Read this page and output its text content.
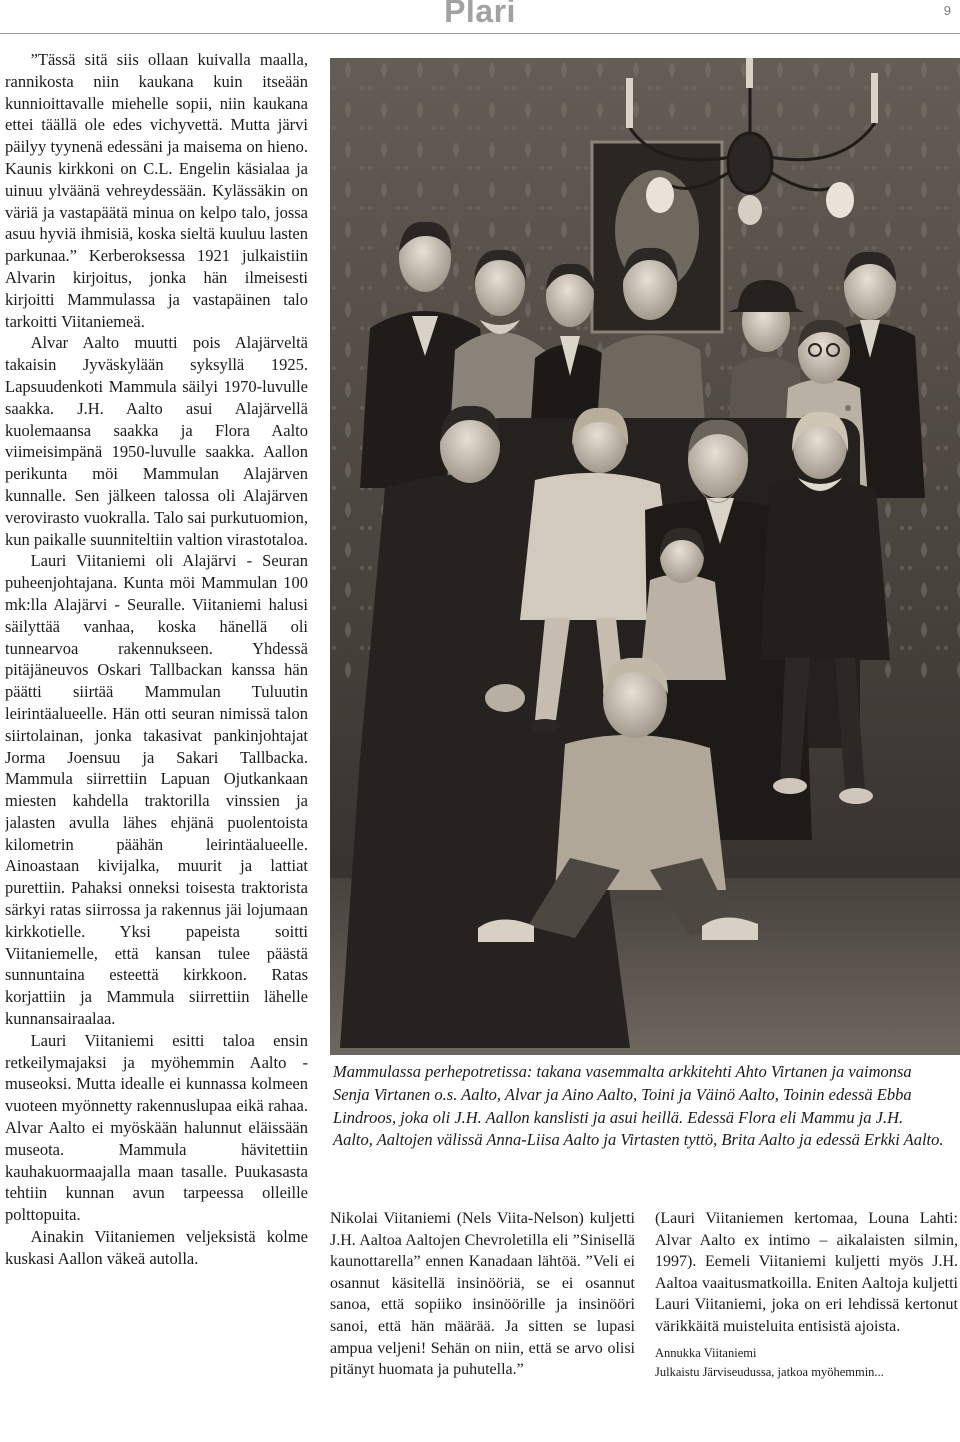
Plari	9

”Tässä sitä siis ollaan kuivalla maalla, rannikosta niin kaukana kuin itseään kunnioittavalle miehelle sopii, niin kaukana ettei täällä ole edes vichyvettä. Mutta järvi päilyy tyynenä edessäni ja maisema on hieno. Kaunis kirkkoni on C.L. Engelin käsialaa ja uinuu ylväänä vehreydessään. Kylässäkin on väriä ja vastapäätä minua on kelpo talo, jossa asuu hyviä ihmisiä, koska sieltä kuuluu lasten parkunaa.” Kerberoksessa 1921 julkaistiin Alvarin kirjoitus, jonka hän ilmeisesti kirjoitti Mammulassa ja vastapäinen talo tarkoitti Viitaniemeä.

Alvar Aalto muutti pois Alajärveltä takaisin Jyväskylään syksyllä 1925. Lapsuudenkoti Mammula säilyi 1970-luvulle saakka. J.H. Aalto asui Alajärvellä kuolemaansa saakka ja Flora Aalto viimeisimpänä 1950-luvulle saakka. Aallon perikunta möi Mammulan Alajärven kunnalle. Sen jälkeen talossa oli Alajärven verovirasto vuokralla. Talo sai purkutuomion, kun paikalle suunniteltiin valtion virastotaloa.

Lauri Viitaniemi oli Alajärvi - Seuran puheenjohtajana. Kunta möi Mammulan 100 mk:lla Alajärvi - Seuralle. Viitaniemi halusi säilyttää vanhaa, koska hänellä oli tunnearvoa rakennukseen. Yhdessä pitäjäneuvos Oskari Tallbackan kanssa hän päätti siirtää Mammulan Tuluutin leirintäalueelle. Hän otti seuran nimissä talon siirtolainan, jonka takasivat pankinjohtajat Jorma Joensuu ja Sakari Tallbacka. Mammula siirrettiin Lapuan Ojutkankaan miesten kahdella traktorilla vinssien ja jalasten avulla lähes ehjänä puolentoista kilometrin päähän leirintäalueelle. Ainoastaan kivijalka, muurit ja lattiat purettiin. Pahaksi onneksi toisesta traktorista särkyi ratas siirrossa ja rakennus jäi lojumaan kirkkotielle. Yksi papeista soitti Viitaniemelle, että kansan tulee päästä sunnuntaina esteettä kirkkoon. Ratas korjattiin ja Mammula siirrettiin lähelle kunnansairaalaa.

Lauri Viitaniemi esitti taloa ensin retkeilymajaksi ja myöhemmin Aalto -museoksi. Mutta idealle ei kunnassa kolmeen vuoteen myönnetty rakennuslupaa eikä rahaa. Alvar Aalto ei myöskään halunnut eläissään museota. Mammula hävitettiin kauhakuormaajalla maan tasalle. Puukasasta tehtiin kunnan avun tarpeessa olleille polttopuita.

Ainakin Viitaniemen veljeksistä kolme kuskasi Aallon väkeä autolla.

Mammulassa perhepotretissa: takana vasemmalta arkkitehti Ahto Virtanen ja vaimonsa Senja Virtanen o.s. Aalto, Alvar ja Aino Aalto, Toini ja Väinö Aalto, Toinin edessä Ebba Lindroos, joka oli J.H. Aallon kanslisti ja asui heillä. Edessä Flora eli Mammu ja J.H. Aalto, Aaltojen välissä Anna-Liisa Aalto ja Virtasten tyttö, Brita Aalto ja edessä Erkki Aalto.

Nikolai Viitaniemi (Nels Viita-Nelson) kuljetti J.H. Aaltoa Aaltojen Chevroletilla eli ”Sinisellä kaunottarella” ennen Kanadaan lähtöä. ”Veli ei osannut käsitellä insinööriä, se ei osannut sanoa, että sopiiko insinöörille ja insinööri sanoi, että hän määrää. Ja sitten se lupasi ampua veljeni! Sehän on niin, että se arvo olisi pitänyt huomata ja puhutella.”

(Lauri Viitaniemen kertomaa, Louna Lahti: Alvar Aalto ex intimo – aikalaisten silmin, 1997). Eemeli Viitaniemi kuljetti myös J.H. Aaltoa vaaitusmatkoilla. Eniten Aaltoja kuljetti Lauri Viitaniemi, joka on eri lehdissä kertonut värikkäitä muisteluita entisistä ajoista.

Annukka Viitaniemi

Julkaistu Järviseudussa, jatkoa myöhemmin...
